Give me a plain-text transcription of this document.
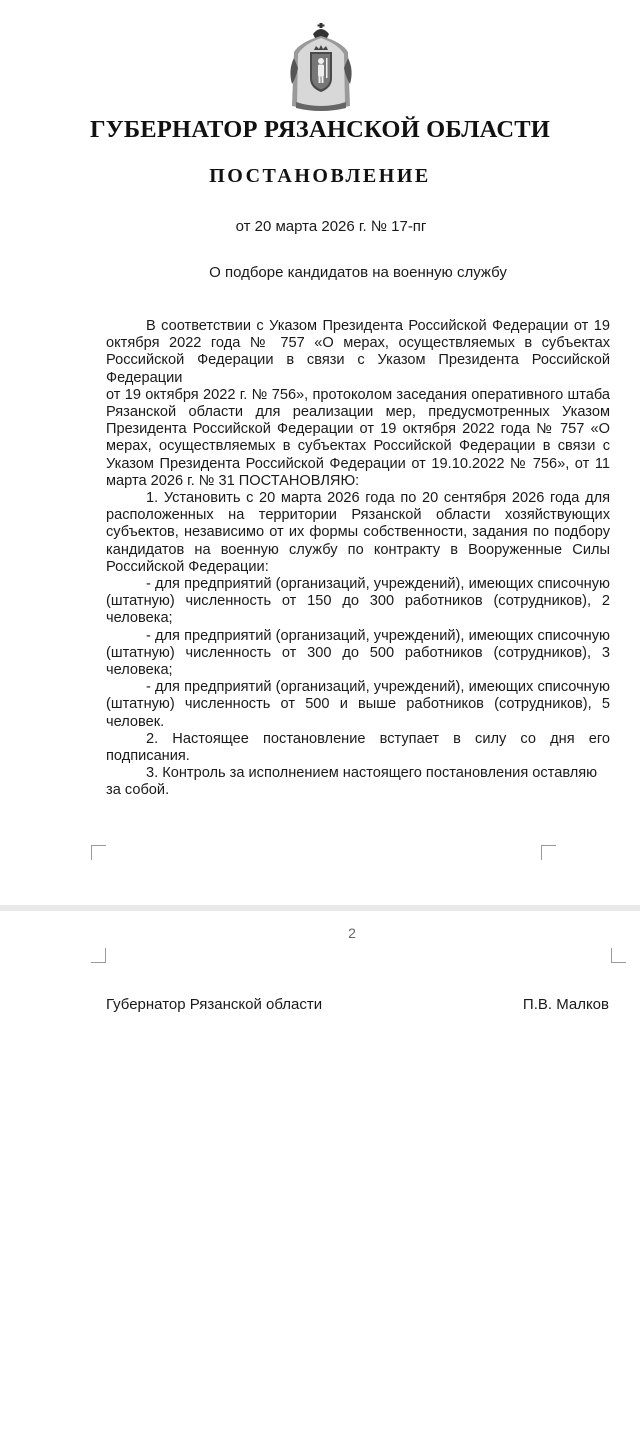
ГУБЕРНАТОР РЯЗАНСКОЙ ОБЛАСТИ
ПОСТАНОВЛЕНИЕ
от 20 марта 2026 г. № 17-пг
О подборе кандидатов на военную службу

В соответствии с Указом Президента Российской Федерации от 19 октября 2022 года № 757 «О мерах, осуществляемых в субъектах Российской Федерации в связи с Указом Президента Российской Федерации

от 19 октября 2022 г. № 756», протоколом заседания оперативного штаба Рязанской области для реализации мер, предусмотренных Указом Президента Российской Федерации от 19 октября 2022 года № 757 «О мерах, осуществляемых в субъектах Российской Федерации в связи с Указом Президента Российской Федерации от 19.10.2022 № 756», от 11 марта 2026 г. № 31 ПОСТАНОВЛЯЮ:

1. Установить с 20 марта 2026 года по 20 сентября 2026 года для расположенных на территории Рязанской области хозяйствующих субъектов, независимо от их формы собственности, задания по подбору кандидатов на военную службу по контракту в Вооруженные Силы Российской Федерации:

- для предприятий (организаций, учреждений), имеющих списочную (штатную) численность от 150 до 300 работников (сотрудников), 2 человека;

- для предприятий (организаций, учреждений), имеющих списочную (штатную) численность от 300 до 500 работников (сотрудников), 3 человека;

- для предприятий (организаций, учреждений), имеющих списочную (штатную) численность от 500 и выше работников (сотрудников), 5 человек.

2. Настоящее постановление вступает в силу со дня его подписания.

3. Контроль за исполнением настоящего постановления оставляю

за собой.

2
Губернатор Рязанской области	П.В. Малков
